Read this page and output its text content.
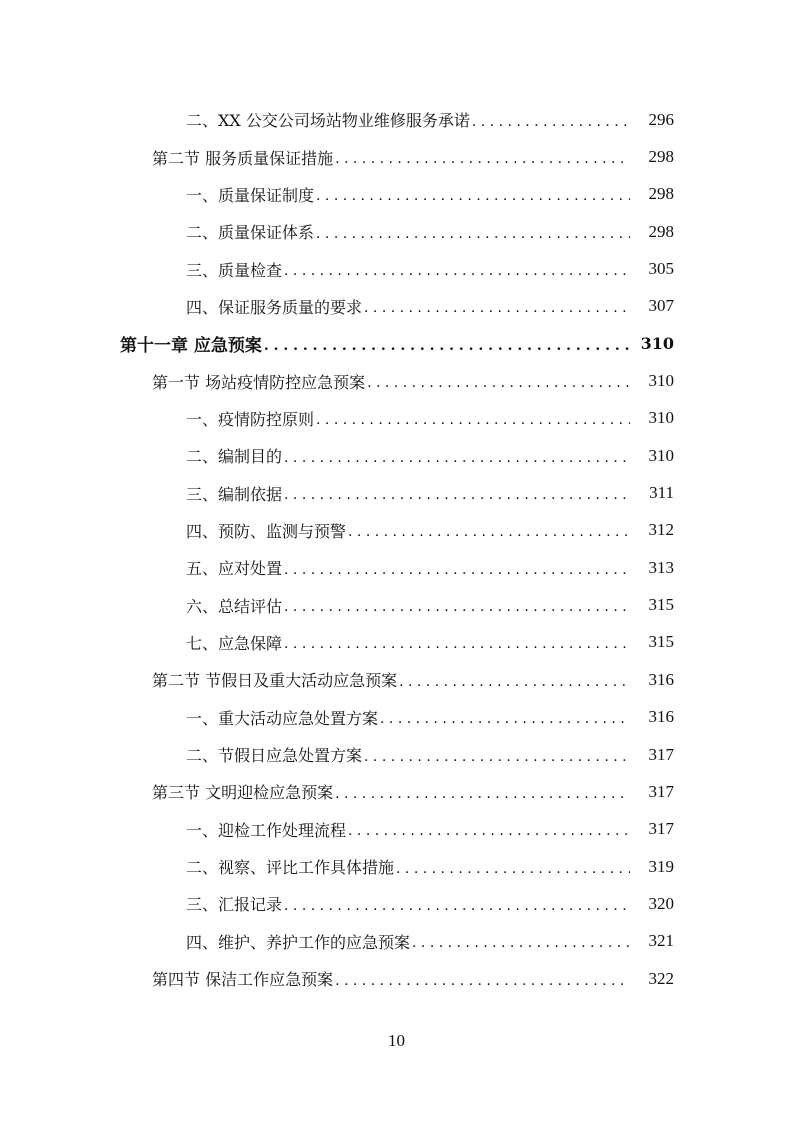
二、XX 公交公司场站物业维修服务承诺 . . .	296
第二节 服务质量保证措施 . . .	298
一、质量保证制度 . . .	298
二、质量保证体系 . . .	298
三、质量检查 . . .	305
四、保证服务质量的要求 . . .	307
第十一章 应急预案 . . .	310
第一节 场站疫情防控应急预案 . . .	310
一、疫情防控原则 . . .	310
二、编制目的 . . .	310
三、编制依据 . . .	311
四、预防、监测与预警 . . .	312
五、应对处置 . . .	313
六、总结评估 . . .	315
七、应急保障 . . .	315
第二节 节假日及重大活动应急预案 . . .	316
一、重大活动应急处置方案 . . .	316
二、节假日应急处置方案 . . .	317
第三节 文明迎检应急预案 . . .	317
一、迎检工作处理流程 . . .	317
二、视察、评比工作具体措施 . . .	319
三、汇报记录 . . .	320
四、维护、养护工作的应急预案 . . .	321
第四节 保洁工作应急预案 . . .	322
10
